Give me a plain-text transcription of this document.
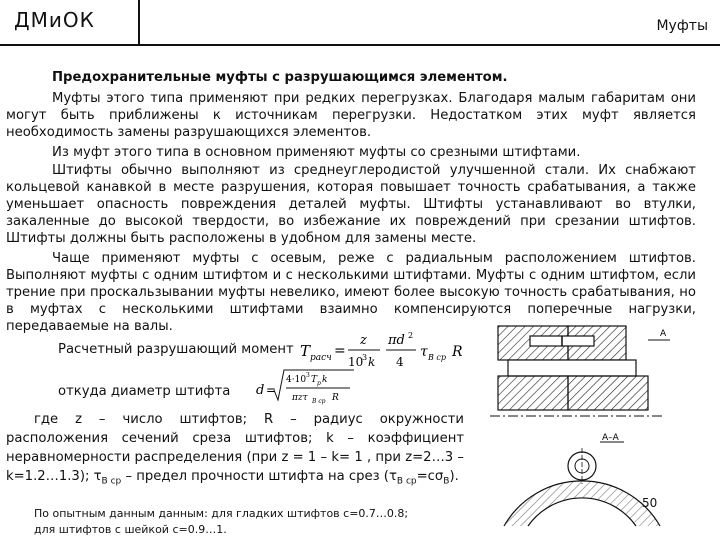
ДМиОК	Муфты
Предохранительные муфты с разрушающимся элементом.
Муфты этого типа применяют при редких перегрузках. Благодаря малым габаритам они могут быть приближены к источникам перегрузки. Недостатком этих муфт является необходимость замены разрушающихся элементов.
Из муфт этого типа в основном применяют муфты со срезными штифтами.
Штифты обычно выполняют из среднеуглеродистой улучшенной стали. Их снабжают кольцевой канавкой в месте разрушения, которая повышает точность срабатывания, а также уменьшает опасность повреждения деталей муфты. Штифты устанавливают во втулки, закаленные до высокой твердости, во избежание их повреждений при срезании штифтов. Штифты должны быть расположены в удобном для замены месте.
Чаще применяют муфты с осевым, реже с радиальным расположением штифтов. Выполняют муфты с одним штифтом и с несколькими штифтами. Муфты с одним штифтом, если трение при проскальзывании муфты невелико, имеют более высокую точность срабатывания, но в муфтах с несколькими штифтами взаимно компенсируются поперечные нагрузки, передаваемые на валы.
Расчетный разрушающий момент T расч =
z
10
3 k
πd 2
4
τ B ср R
откуда диаметр штифта d =
4·10 3 T p k
πzτ B ср R
где z – число штифтов; R – радиус окружности расположения сечений среза штифтов; k – коэффициент неравномерности распределения (при z = 1 – k= 1 , при z=2…3 – k=1.2…1.3); $\tau_{B ср}$ – предел прочности штифта на срез $(\tau_{B ср}=c\sigma_B)$.
По опытным данным данным: для гладких штифтов c=0.7…0.8;
для штифтов с шейкой c=0.9…1.
А
А–А
50
